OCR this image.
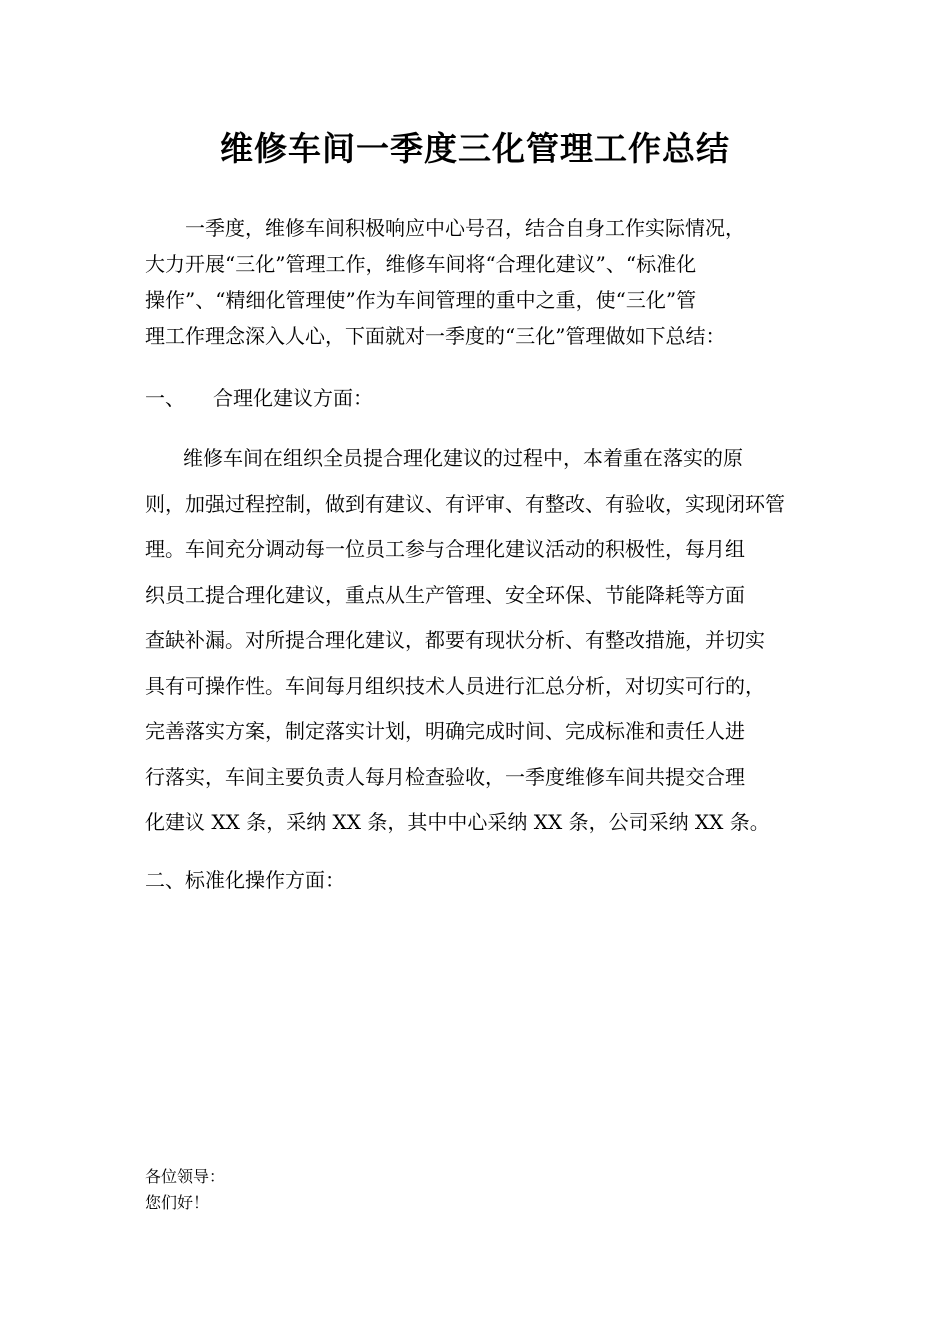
维修车间一季度三化管理工作总结
一季度，维修车间积极响应中心号召，结合自身工作实际情况，
大力开展“三化”管理工作，维修车间将“合理化建议”、“标准化
操作”、“精细化管理使”作为车间管理的重中之重，使“三化”管
理工作理念深入人心，下面就对一季度的“三化”管理做如下总结：
一、 合理化建议方面：
维修车间在组织全员提合理化建议的过程中，本着重在落实的原
则，加强过程控制，做到有建议、有评审、有整改、有验收，实现闭环管
理。车间充分调动每一位员工参与合理化建议活动的积极性，每月组
织员工提合理化建议，重点从生产管理、安全环保、节能降耗等方面
查缺补漏。对所提合理化建议，都要有现状分析、有整改措施，并切实
具有可操作性。车间每月组织技术人员进行汇总分析，对切实可行的，
完善落实方案，制定落实计划，明确完成时间、完成标准和责任人进
行落实，车间主要负责人每月检查验收，一季度维修车间共提交合理
化建议 XX 条，采纳 XX 条，其中中心采纳 XX 条，公司采纳 XX 条。
二、标准化操作方面：
各位领导：
您们好！
